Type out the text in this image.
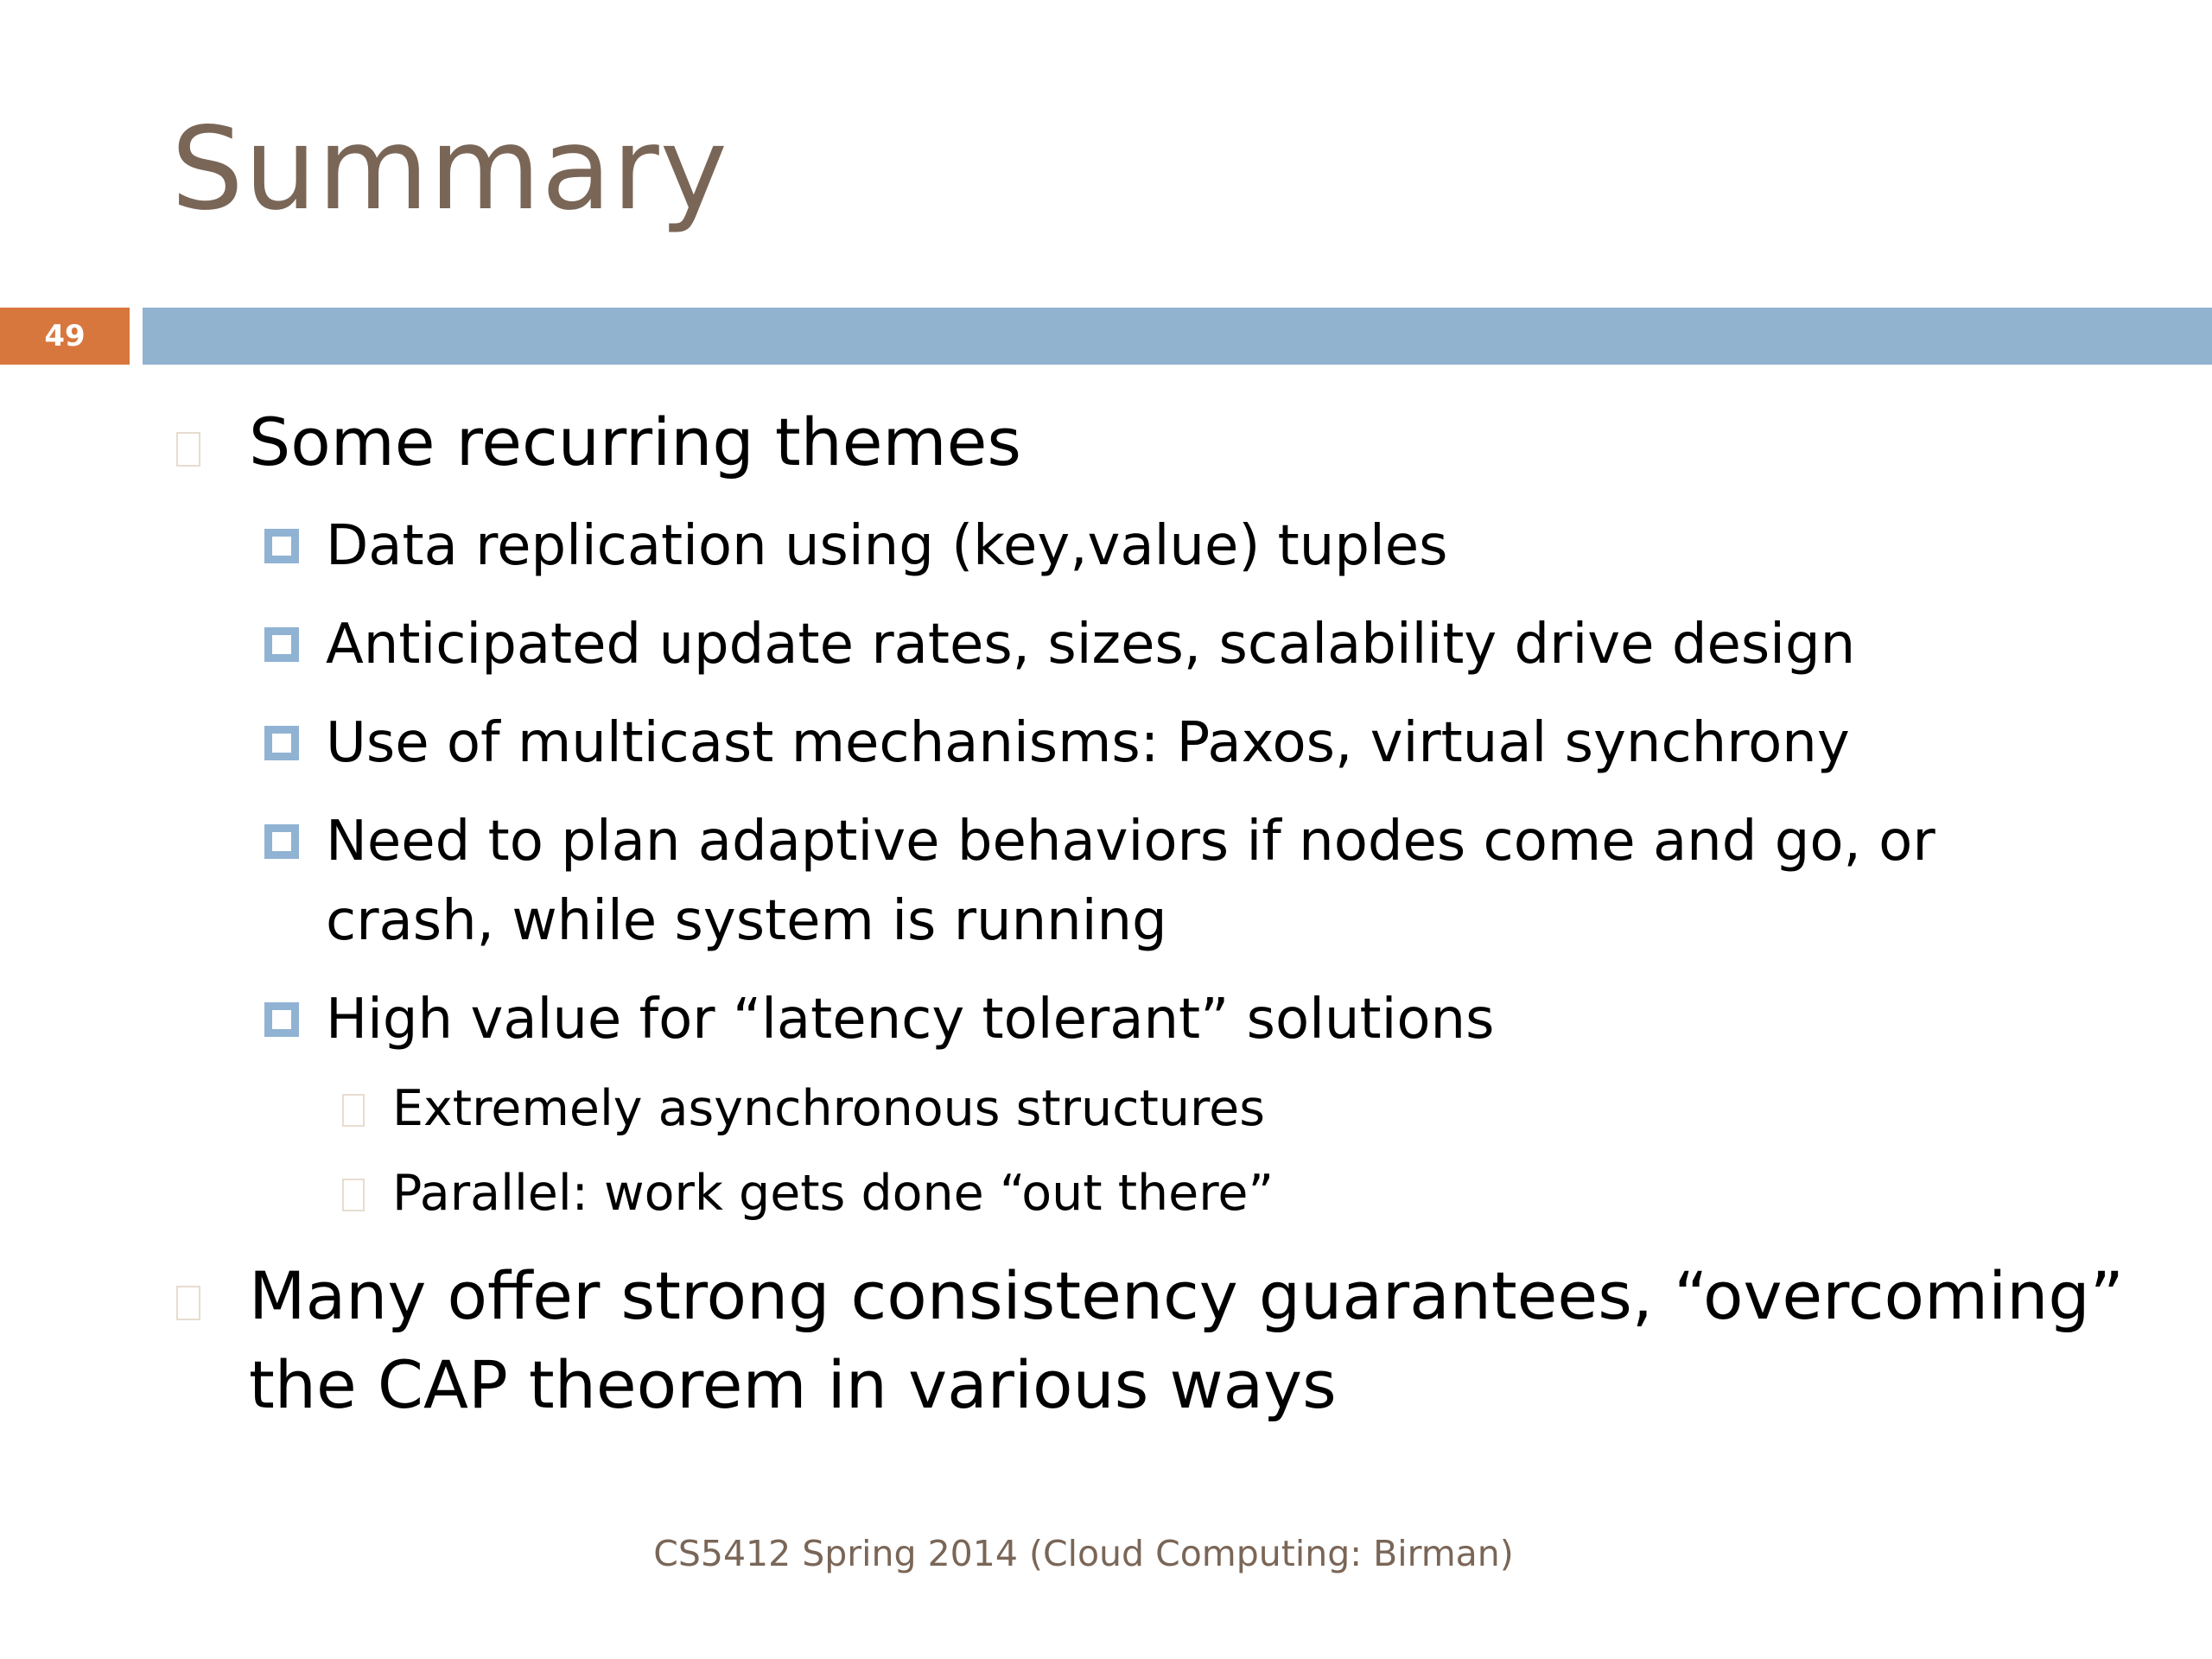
Summary
49
Some recurring themes
Data replication using (key,value) tuples
Anticipated update rates, sizes, scalability drive design
Use of multicast mechanisms: Paxos, virtual synchrony
Need to plan adaptive behaviors if nodes come and go, or
crash, while system is running
High value for “latency tolerant” solutions
Extremely asynchronous structures
Parallel: work gets done “out there”
Many offer strong consistency guarantees, “overcoming”
the CAP theorem in various ways
CS5412 Spring 2014 (Cloud Computing: Birman)
